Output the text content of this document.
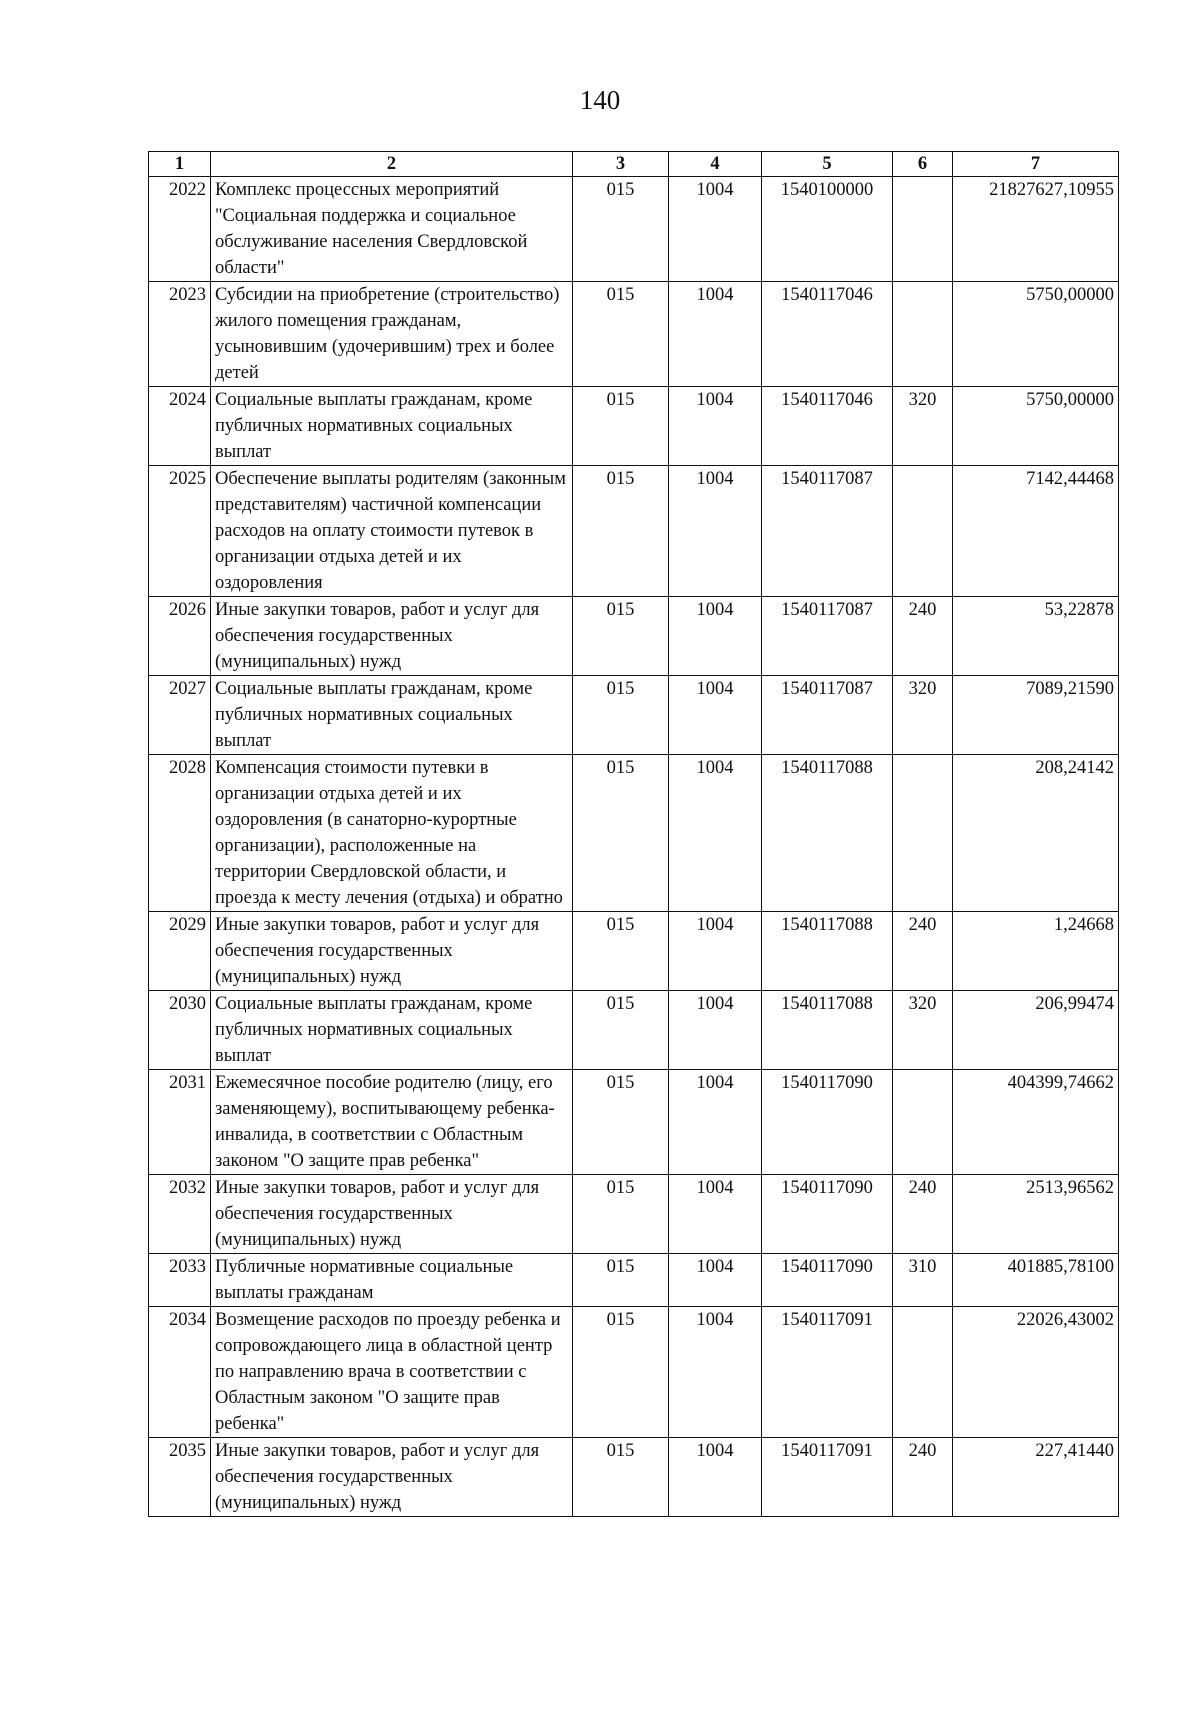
140
1	2	3	4	5	6	7
2022	Комплекс процессных мероприятий "Социальная поддержка и социальное обслуживание населения Свердловской области"	015	1004	1540100000		21827627,10955
2023	Субсидии на приобретение (строительство) жилого помещения гражданам, усыновившим (удочерившим) трех и более детей	015	1004	1540117046		5750,00000
2024	Социальные выплаты гражданам, кроме публичных нормативных социальных выплат	015	1004	1540117046	320	5750,00000
2025	Обеспечение выплаты родителям (законным представителям) частичной компенсации расходов на оплату стоимости путевок в организации отдыха детей и их оздоровления	015	1004	1540117087		7142,44468
2026	Иные закупки товаров, работ и услуг для обеспечения государственных (муниципальных) нужд	015	1004	1540117087	240	53,22878
2027	Социальные выплаты гражданам, кроме публичных нормативных социальных выплат	015	1004	1540117087	320	7089,21590
2028	Компенсация стоимости путевки в организации отдыха детей и их оздоровления (в санаторно-курортные организации), расположенные на территории Свердловской области, и проезда к месту лечения (отдыха) и обратно	015	1004	1540117088		208,24142
2029	Иные закупки товаров, работ и услуг для обеспечения государственных (муниципальных) нужд	015	1004	1540117088	240	1,24668
2030	Социальные выплаты гражданам, кроме публичных нормативных социальных выплат	015	1004	1540117088	320	206,99474
2031	Ежемесячное пособие родителю (лицу, его заменяющему), воспитывающему ребенка-инвалида, в соответствии с Областным законом "О защите прав ребенка"	015	1004	1540117090		404399,74662
2032	Иные закупки товаров, работ и услуг для обеспечения государственных (муниципальных) нужд	015	1004	1540117090	240	2513,96562
2033	Публичные нормативные социальные выплаты гражданам	015	1004	1540117090	310	401885,78100
2034	Возмещение расходов по проезду ребенка и сопровождающего лица в областной центр по направлению врача в соответствии с Областным законом "О защите прав ребенка"	015	1004	1540117091		22026,43002
2035	Иные закупки товаров, работ и услуг для обеспечения государственных (муниципальных) нужд	015	1004	1540117091	240	227,41440
